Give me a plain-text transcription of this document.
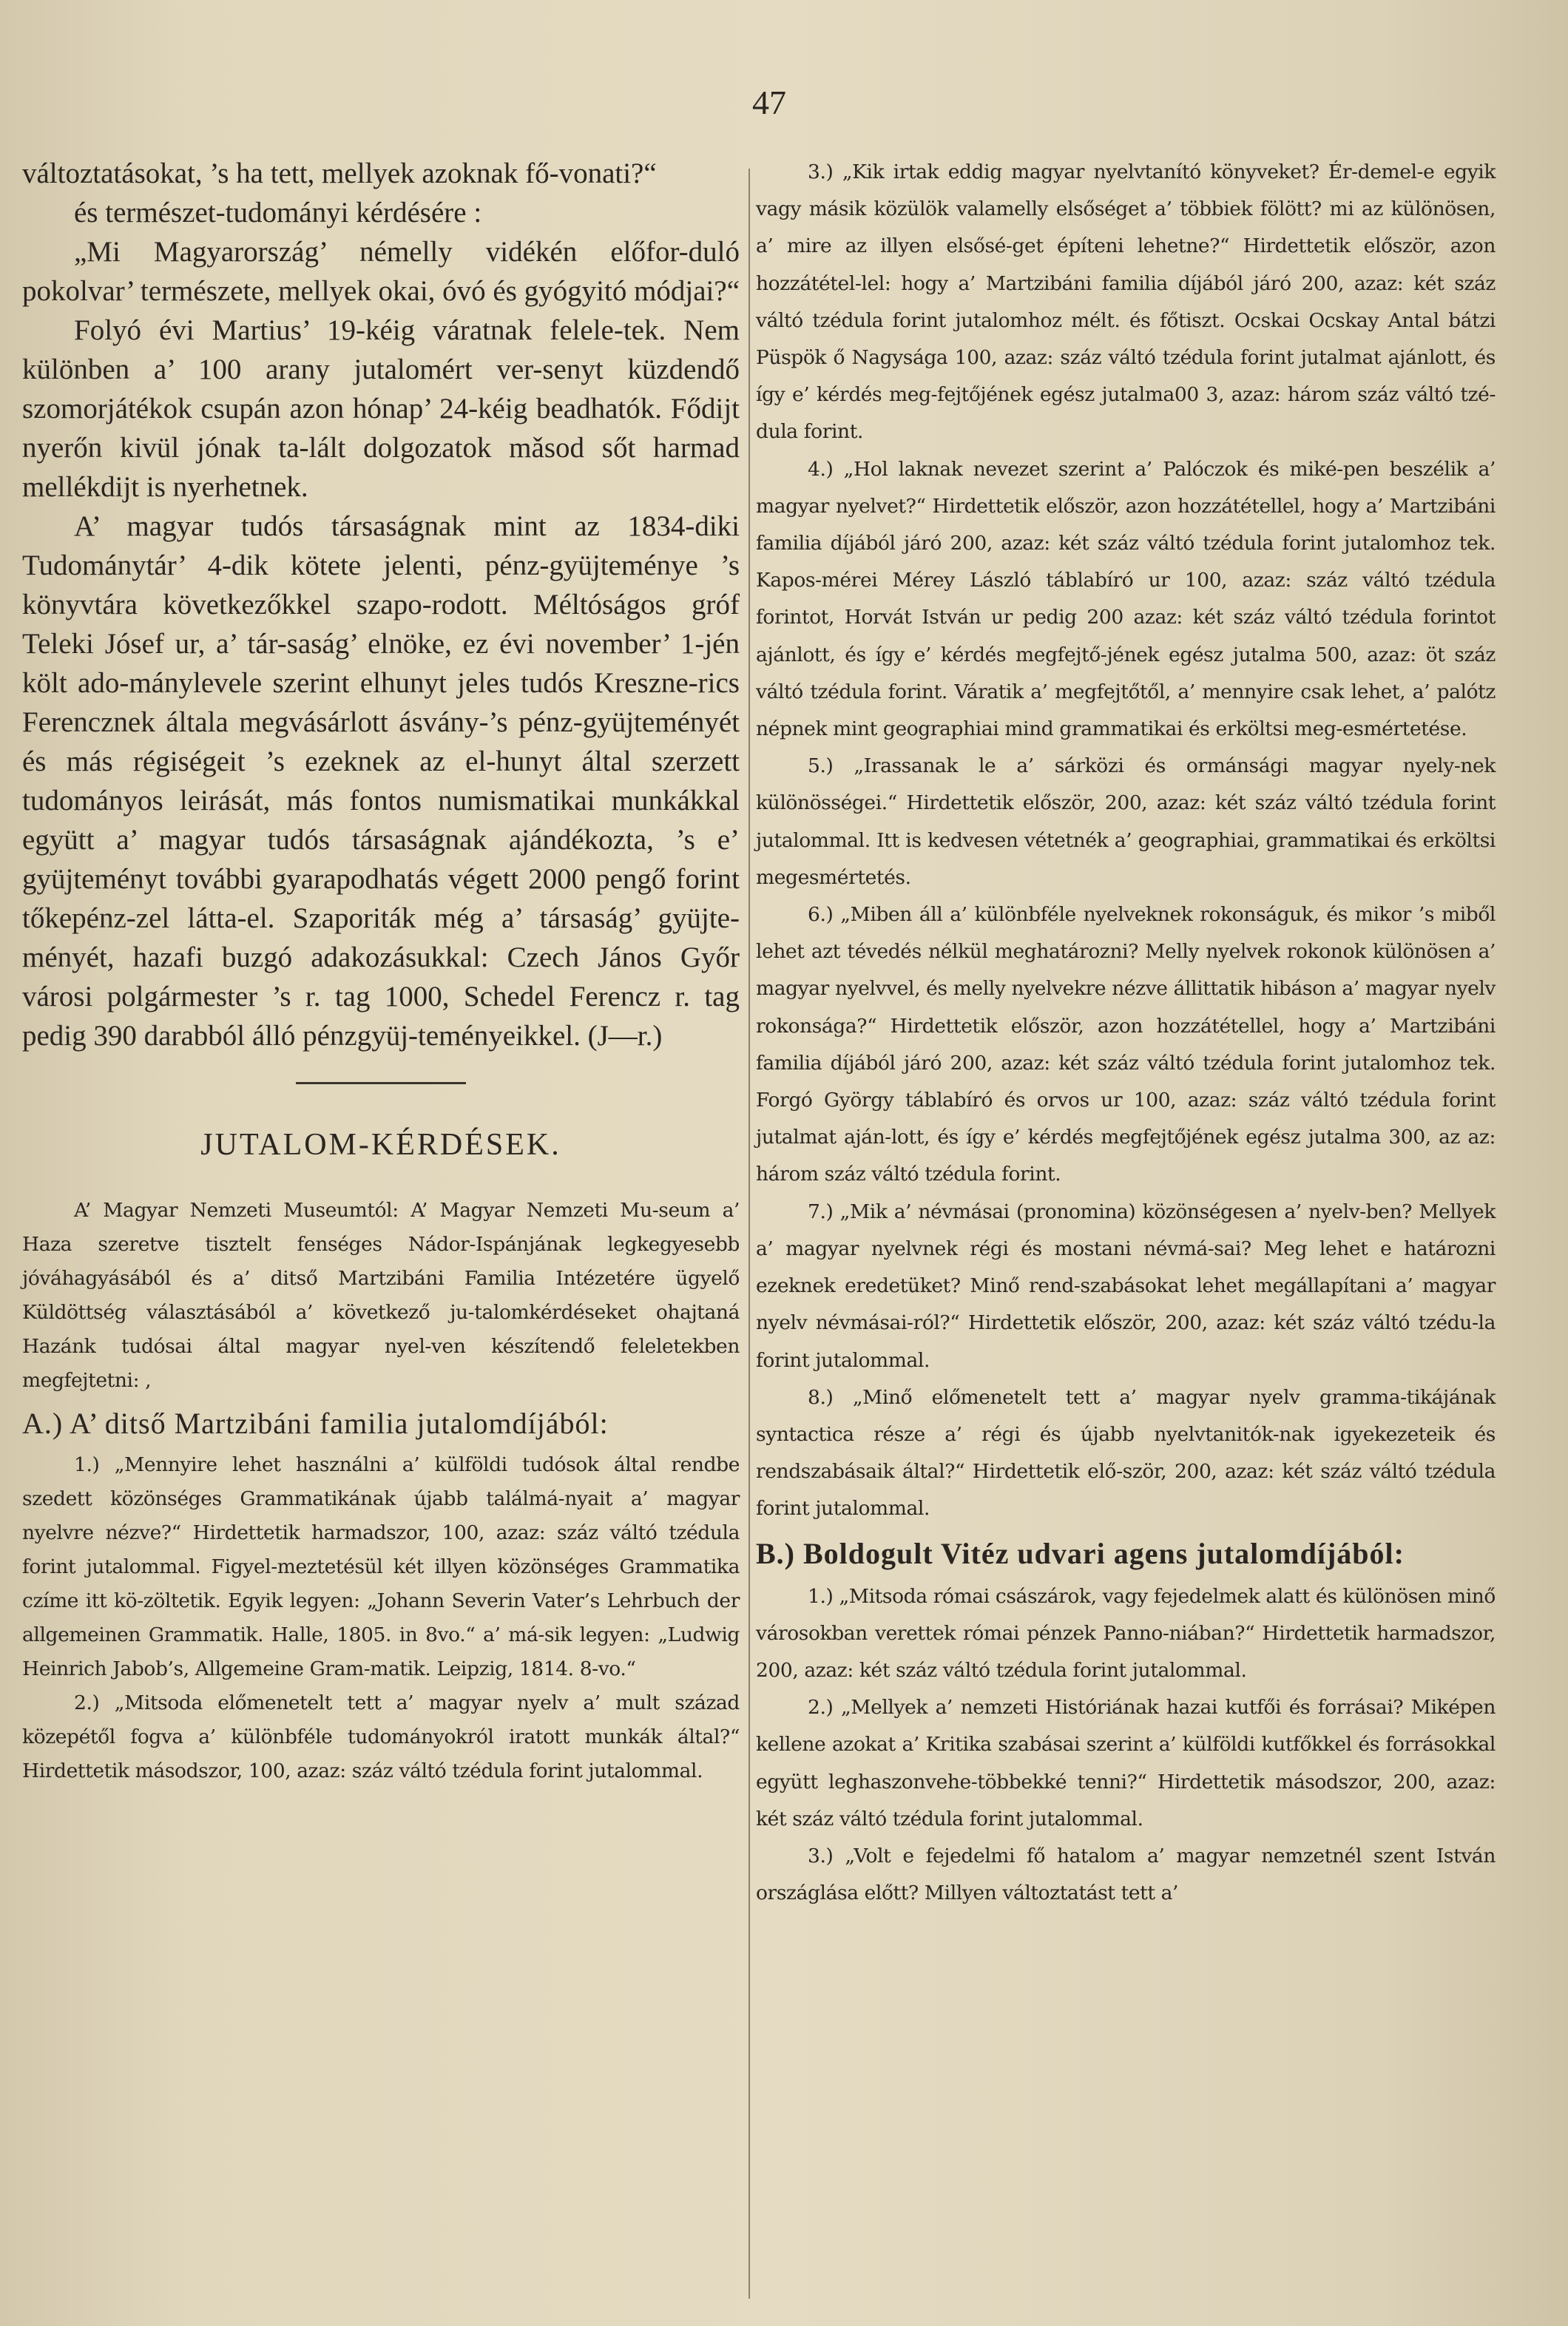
47

változtatásokat, ’s ha tett, mellyek azoknak fő-vonati?“

és természet-tudományi kérdésére :

„Mi Magyarország’ némelly vidékén előfor-duló pokolvar’ természete, mellyek okai, óvó és gyógyitó módjai?“

Folyó évi Martius’ 19-kéig váratnak felele-tek. Nem különben a’ 100 arany jutalomért ver-senyt küzdendő szomorjátékok csupán azon hónap’ 24-kéig beadhatók. Fődijt nyerőn kivül jónak ta-lált dolgozatok mǎsod sőt harmad mellékdijt is nyerhetnek.

A’ magyar tudós társaságnak mint az 1834-diki Tudománytár’ 4-dik kötete jelenti, pénz-gyüjteménye ’s könyvtára következőkkel szapo-rodott. Méltóságos gróf Teleki Jósef ur, a’ tár-saság’ elnöke, ez évi november’ 1-jén költ ado-mánylevele szerint elhunyt jeles tudós Kreszne-rics Ferencznek általa megvásárlott ásvány-’s pénz-gyüjteményét és más régiségeit ’s ezeknek az el-hunyt által szerzett tudományos leirását, más fontos numismatikai munkákkal együtt a’ magyar tudós társaságnak ajándékozta, ’s e’ gyüjteményt további gyarapodhatás végett 2000 pengő forint tőkepénz-zel látta-el. Szaporiták még a’ társaság’ gyüjte-ményét, hazafi buzgó adakozásukkal: Czech János Győr városi polgármester ’s r. tag 1000, Schedel Ferencz r. tag pedig 390 darabból álló pénzgyüj-teményeikkel. (J—r.)

JUTALOM-KÉRDÉSEK.

A’ Magyar Nemzeti Museumtól: A’ Magyar Nemzeti Mu-seum a’ Haza szeretve tisztelt fenséges Nádor-Ispánjának legkegyesebb jóváhagyásából és a’ ditső Martzibáni Familia Intézetére ügyelő Küldöttség választásából a’ következő ju-talomkérdéseket ohajtaná Hazánk tudósai által magyar nyel-ven készítendő feleletekben megfejtetni: ,

A.) A’ ditső Martzibáni familia jutalomdíjából:

1.) „Mennyire lehet használni a’ külföldi tudósok által rendbe szedett közönséges Grammatikának újabb találmá-nyait a’ magyar nyelvre nézve?“ Hirdettetik harmadszor, 100, azaz: száz váltó tzédula forint jutalommal. Figyel-meztetésül két illyen közönséges Grammatika czíme itt kö-zöltetik. Egyik legyen: „Johann Severin Vater’s Lehrbuch der allgemeinen Grammatik. Halle, 1805. in 8vo.“ a’ má-sik legyen: „Ludwig Heinrich Jabob’s, Allgemeine Gram-matik. Leipzig, 1814. 8-vo.“

2.) „Mitsoda előmenetelt tett a’ magyar nyelv a’ mult század közepétől fogva a’ különbféle tudományokról iratott munkák által?“ Hirdettetik másodszor, 100, azaz: száz váltó tzédula forint jutalommal.

3.) „Kik irtak eddig magyar nyelvtanító könyveket? Ér-demel-e egyik vagy másik közülök valamelly elsőséget a’ többiek fölött? mi az különösen, a’ mire az illyen elsősé-get építeni lehetne?“ Hirdettetik először, azon hozzátétel-lel: hogy a’ Martzibáni familia díjából járó 200, azaz: két száz váltó tzédula forint jutalomhoz mélt. és főtiszt. Ocskai Ocskay Antal bátzi Püspök ő Nagysága 100, azaz: száz váltó tzédula forint jutalmat ajánlott, és így e’ kérdés meg-fejtőjének egész jutalma00 3, azaz: három száz váltó tzé-dula forint.

4.) „Hol laknak nevezet szerint a’ Palóczok és miké-pen beszélik a’ magyar nyelvet?“ Hirdettetik először, azon hozzátétellel, hogy a’ Martzibáni familia díjából járó 200, azaz: két száz váltó tzédula forint jutalomhoz tek. Kapos-mérei Mérey László táblabíró ur 100, azaz: száz váltó tzédula forintot, Horvát István ur pedig 200 azaz: két száz váltó tzédula forintot ajánlott, és így e’ kérdés megfejtő-jének egész jutalma 500, azaz: öt száz váltó tzédula forint. Váratik a’ megfejtőtől, a’ mennyire csak lehet, a’ palótz népnek mint geographiai mind grammatikai és erköltsi meg-esmértetése.

5.) „Irassanak le a’ sárközi és ormánsági magyar nyely-nek különösségei.“ Hirdettetik először, 200, azaz: két száz váltó tzédula forint jutalommal. Itt is kedvesen vétetnék a’ geographiai, grammatikai és erköltsi megesmértetés.

6.) „Miben áll a’ különbféle nyelveknek rokonságuk, és mikor ’s miből lehet azt tévedés nélkül meghatározni? Melly nyelvek rokonok különösen a’ magyar nyelvvel, és melly nyelvekre nézve állittatik hibáson a’ magyar nyelv rokonsága?“ Hirdettetik először, azon hozzátétellel, hogy a’ Martzibáni familia díjából járó 200, azaz: két száz váltó tzédula forint jutalomhoz tek. Forgó György táblabíró és orvos ur 100, azaz: száz váltó tzédula forint jutalmat aján-lott, és így e’ kérdés megfejtőjének egész jutalma 300, az az: három száz váltó tzédula forint.

7.) „Mik a’ névmásai (pronomina) közönségesen a’ nyelv-ben? Mellyek a’ magyar nyelvnek régi és mostani névmá-sai? Meg lehet e határozni ezeknek eredetüket? Minő rend-szabásokat lehet megállapítani a’ magyar nyelv névmásai-ról?“ Hirdettetik először, 200, azaz: két száz váltó tzédu-la forint jutalommal.

8.) „Minő előmenetelt tett a’ magyar nyelv gramma-tikájának syntactica része a’ régi és újabb nyelvtanitók-nak igyekezeteik és rendszabásaik által?“ Hirdettetik elő-ször, 200, azaz: két száz váltó tzédula forint jutalommal.

B.) Boldogult Vitéz udvari agens jutalomdíjából:

1.) „Mitsoda római császárok, vagy fejedelmek alatt és különösen minő városokban verettek római pénzek Panno-niában?“ Hirdettetik harmadszor, 200, azaz: két száz váltó tzédula forint jutalommal.

2.) „Mellyek a’ nemzeti Históriának hazai kutfői és forrásai? Miképen kellene azokat a’ Kritika szabásai szerint a’ külföldi kutfőkkel és forrásokkal együtt leghaszonvehe-többekké tenni?“ Hirdettetik másodszor, 200, azaz: két száz váltó tzédula forint jutalommal.

3.) „Volt e fejedelmi fő hatalom a’ magyar nemzetnél szent István országlása előtt? Millyen változtatást tett a’
